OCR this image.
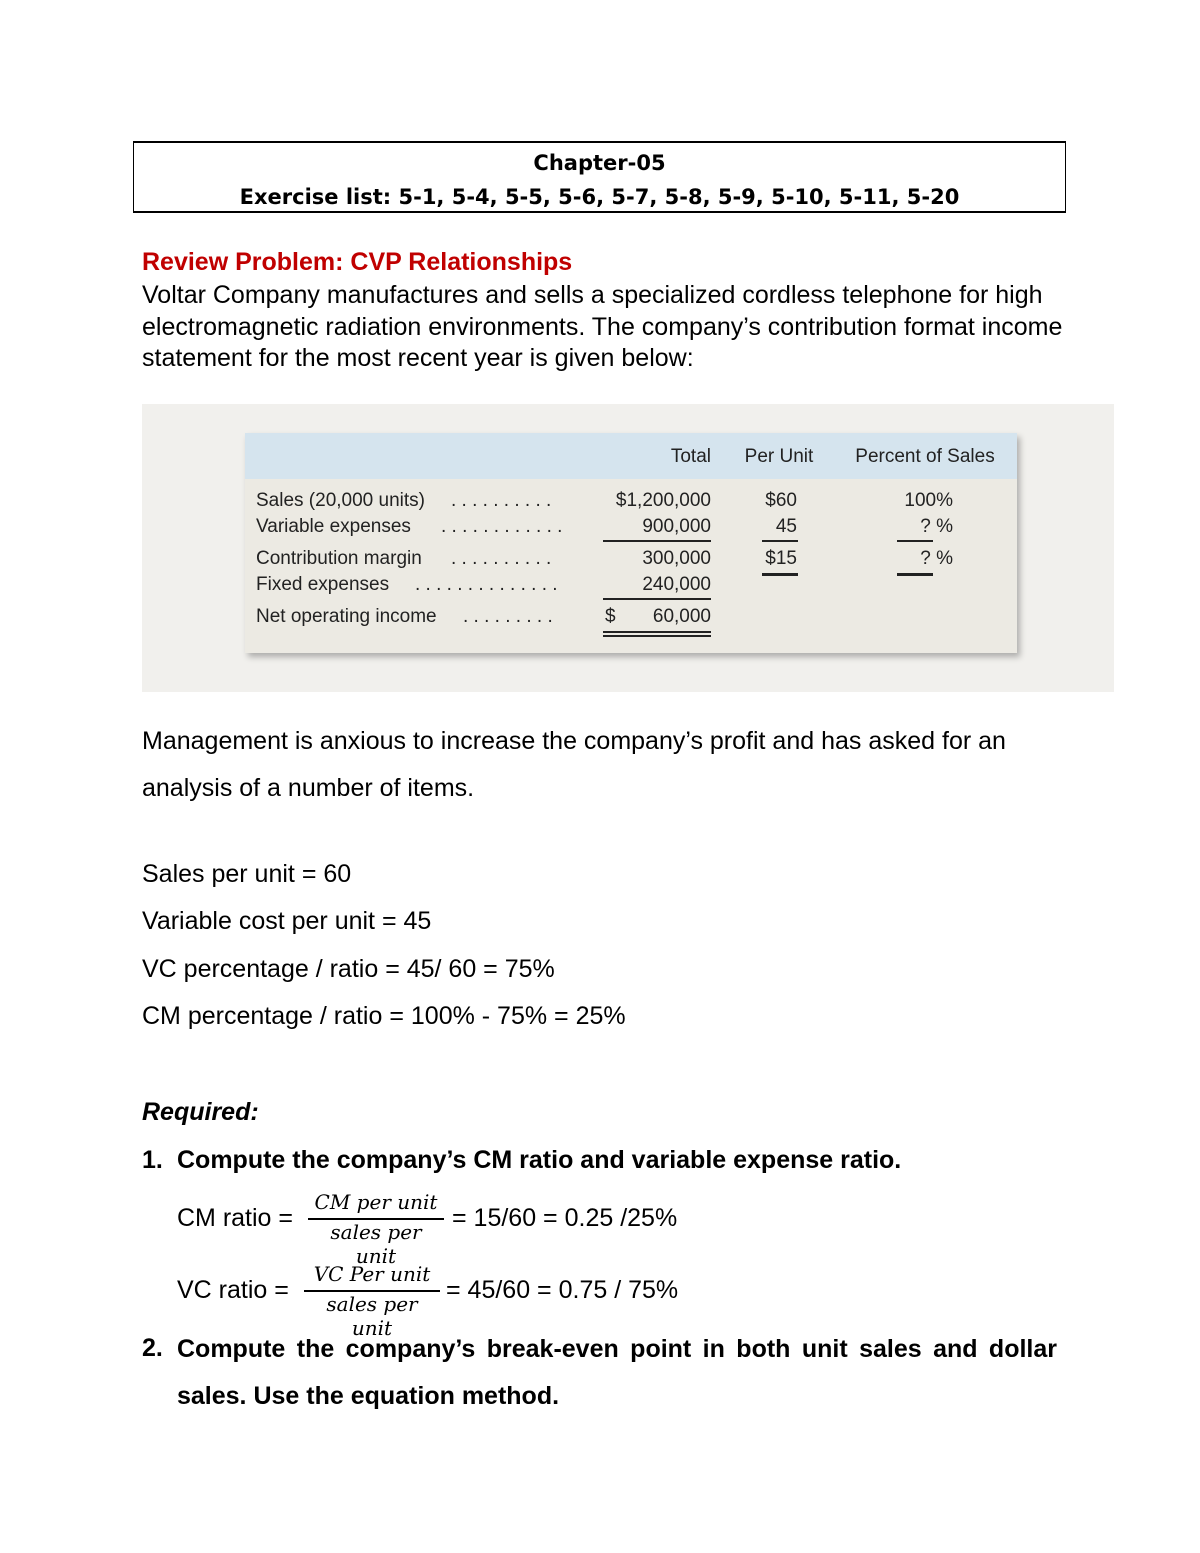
Chapter-05
Exercise list: 5-1, 5-4, 5-5, 5-6, 5-7, 5-8, 5-9, 5-10, 5-11, 5-20
Review Problem: CVP Relationships
Voltar Company manufactures and sells a specialized cordless telephone for high electromagnetic radiation environments. The company’s contribution format income statement for the most recent year is given below:
Total	Per Unit	Percent of Sales
Sales (20,000 units) . . . . . . . . . .	$1,200,000	$60	100%
Variable expenses . . . . . . . . . . . .	900,000	45	? %
Contribution margin . . . . . . . . . .	300,000	$15	? %
Fixed expenses . . . . . . . . . . . . . .	240,000
Net operating income . . . . . . . . .	$	60,000
Management is anxious to increase the company’s profit and has asked for an analysis of a number of items.
Sales per unit = 60
Variable cost per unit = 45
VC percentage / ratio = 45/ 60 = 75%
CM percentage / ratio = 100% - 75% = 25%
Required:
1. Compute the company’s CM ratio and variable expense ratio.
CM ratio =
CM per unit
sales per unit
= 15/60 = 0.25 /25%
VC ratio =
VC Per unit
sales per unit
= 45/60 = 0.75 / 75%
2. Compute the company’s break-even point in both unit sales and dollar sales. Use the equation method.
